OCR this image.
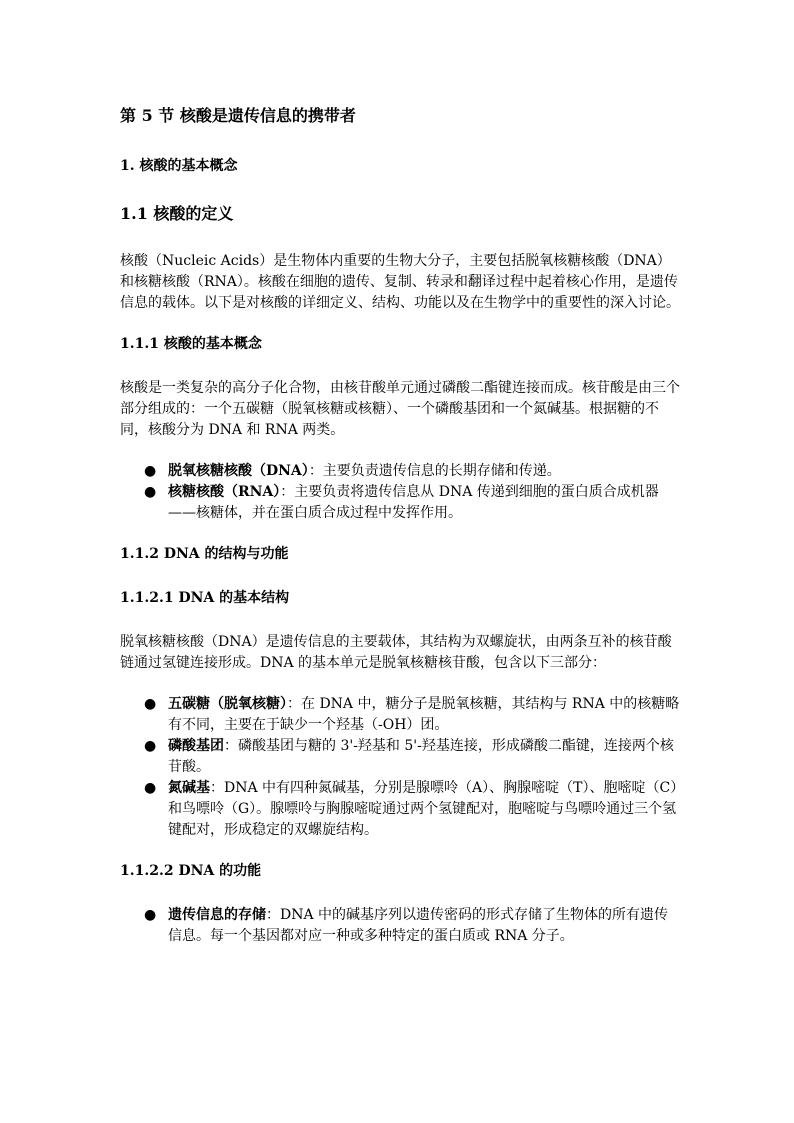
第 5 节 核酸是遗传信息的携带者
1. 核酸的基本概念
1.1 核酸的定义
核酸（Nucleic Acids）是生物体内重要的生物大分子，主要包括脱氧核糖核酸（DNA）和核糖核酸（RNA）。核酸在细胞的遗传、复制、转录和翻译过程中起着核心作用，是遗传信息的载体。以下是对核酸的详细定义、结构、功能以及在生物学中的重要性的深入讨论。
1.1.1 核酸的基本概念
核酸是一类复杂的高分子化合物，由核苷酸单元通过磷酸二酯键连接而成。核苷酸是由三个部分组成的：一个五碳糖（脱氧核糖或核糖）、一个磷酸基团和一个氮碱基。根据糖的不同，核酸分为 DNA 和 RNA 两类。
● 脱氧核糖核酸（DNA）：主要负责遗传信息的长期存储和传递。
● 核糖核酸（RNA）：主要负责将遗传信息从 DNA 传递到细胞的蛋白质合成机器——核糖体，并在蛋白质合成过程中发挥作用。
1.1.2 DNA 的结构与功能
1.1.2.1 DNA 的基本结构
脱氧核糖核酸（DNA）是遗传信息的主要载体，其结构为双螺旋状，由两条互补的核苷酸链通过氢键连接形成。DNA 的基本单元是脱氧核糖核苷酸，包含以下三部分：
● 五碳糖（脱氧核糖）：在 DNA 中，糖分子是脱氧核糖，其结构与 RNA 中的核糖略有不同，主要在于缺少一个羟基（-OH）团。
● 磷酸基团：磷酸基团与糖的 3'-羟基和 5'-羟基连接，形成磷酸二酯键，连接两个核苷酸。
● 氮碱基：DNA 中有四种氮碱基，分别是腺嘌呤（A）、胸腺嘧啶（T）、胞嘧啶（C）和鸟嘌呤（G）。腺嘌呤与胸腺嘧啶通过两个氢键配对，胞嘧啶与鸟嘌呤通过三个氢键配对，形成稳定的双螺旋结构。
1.1.2.2 DNA 的功能
● 遗传信息的存储：DNA 中的碱基序列以遗传密码的形式存储了生物体的所有遗传信息。每一个基因都对应一种或多种特定的蛋白质或 RNA 分子。
